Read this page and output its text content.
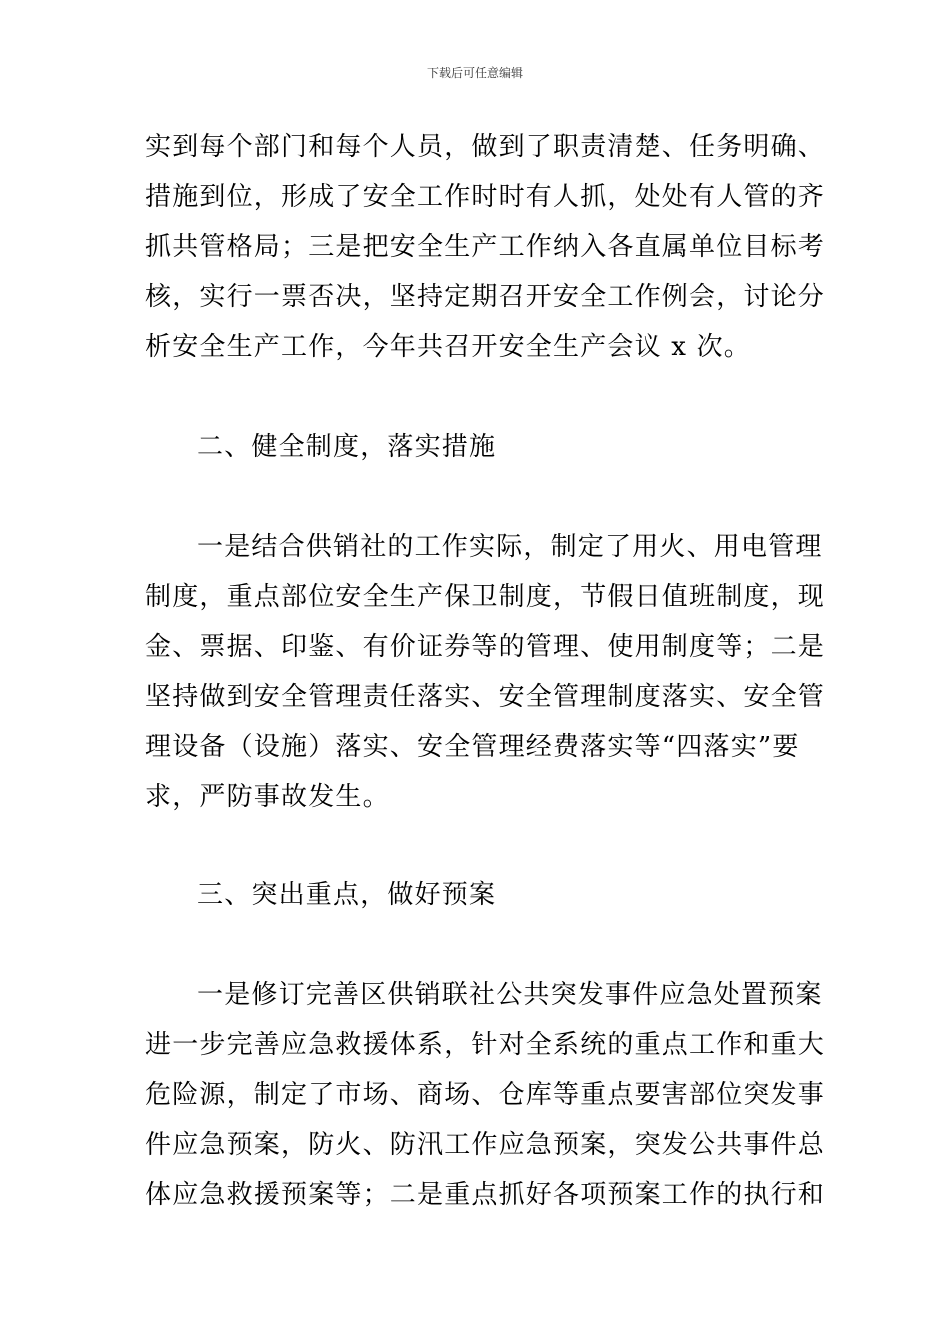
下载后可任意编辑
实到每个部门和每个人员，做到了职责清楚、任务明确、
措施到位，形成了安全工作时时有人抓，处处有人管的齐
抓共管格局；三是把安全生产工作纳入各直属单位目标考
核，实行一票否决，坚持定期召开安全工作例会，讨论分
析安全生产工作，今年共召开安全生产会议 x 次。
二、健全制度，落实措施
一是结合供销社的工作实际，制定了用火、用电管理
制度，重点部位安全生产保卫制度，节假日值班制度，现
金、票据、印鉴、有价证券等的管理、使用制度等；二是
坚持做到安全管理责任落实、安全管理制度落实、安全管
理设备（设施）落实、安全管理经费落实等“四落实”要
求，严防事故发生。
三、突出重点，做好预案
一是修订完善区供销联社公共突发事件应急处置预案
进一步完善应急救援体系，针对全系统的重点工作和重大
危险源，制定了市场、商场、仓库等重点要害部位突发事
件应急预案，防火、防汛工作应急预案，突发公共事件总
体应急救援预案等；二是重点抓好各项预案工作的执行和
